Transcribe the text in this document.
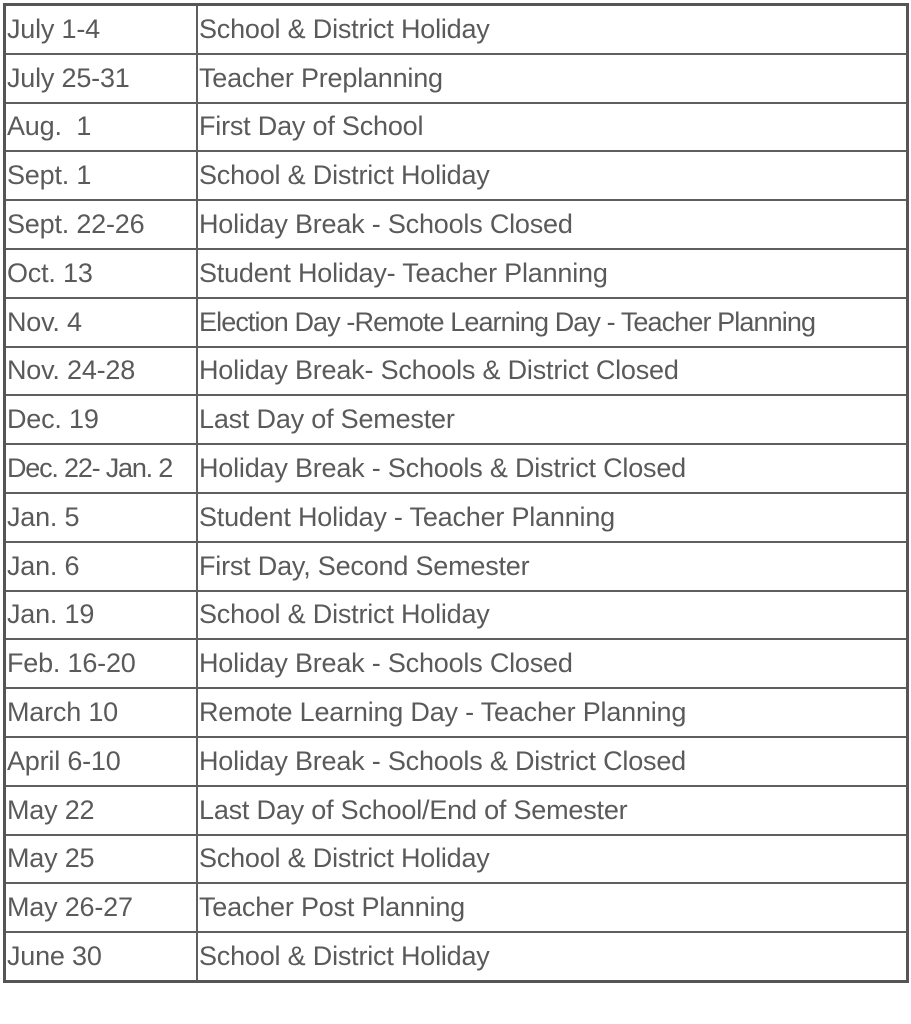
July 1-4	School & District Holiday
July 25-31	Teacher Preplanning
Aug.  1	First Day of School
Sept. 1	School & District Holiday
Sept. 22-26	Holiday Break - Schools Closed
Oct. 13	Student Holiday- Teacher Planning
Nov. 4	Election Day -Remote Learning Day - Teacher Planning
Nov. 24-28	Holiday Break- Schools & District Closed
Dec. 19	Last Day of Semester
Dec. 22- Jan. 2	Holiday Break - Schools & District Closed
Jan. 5	Student Holiday - Teacher Planning
Jan. 6	First Day, Second Semester
Jan. 19	School & District Holiday
Feb. 16-20	Holiday Break - Schools Closed
March 10	Remote Learning Day - Teacher Planning
April 6-10	Holiday Break - Schools & District Closed
May 22	Last Day of School/End of Semester
May 25	School & District Holiday
May 26-27	Teacher Post Planning
June 30	School & District Holiday
